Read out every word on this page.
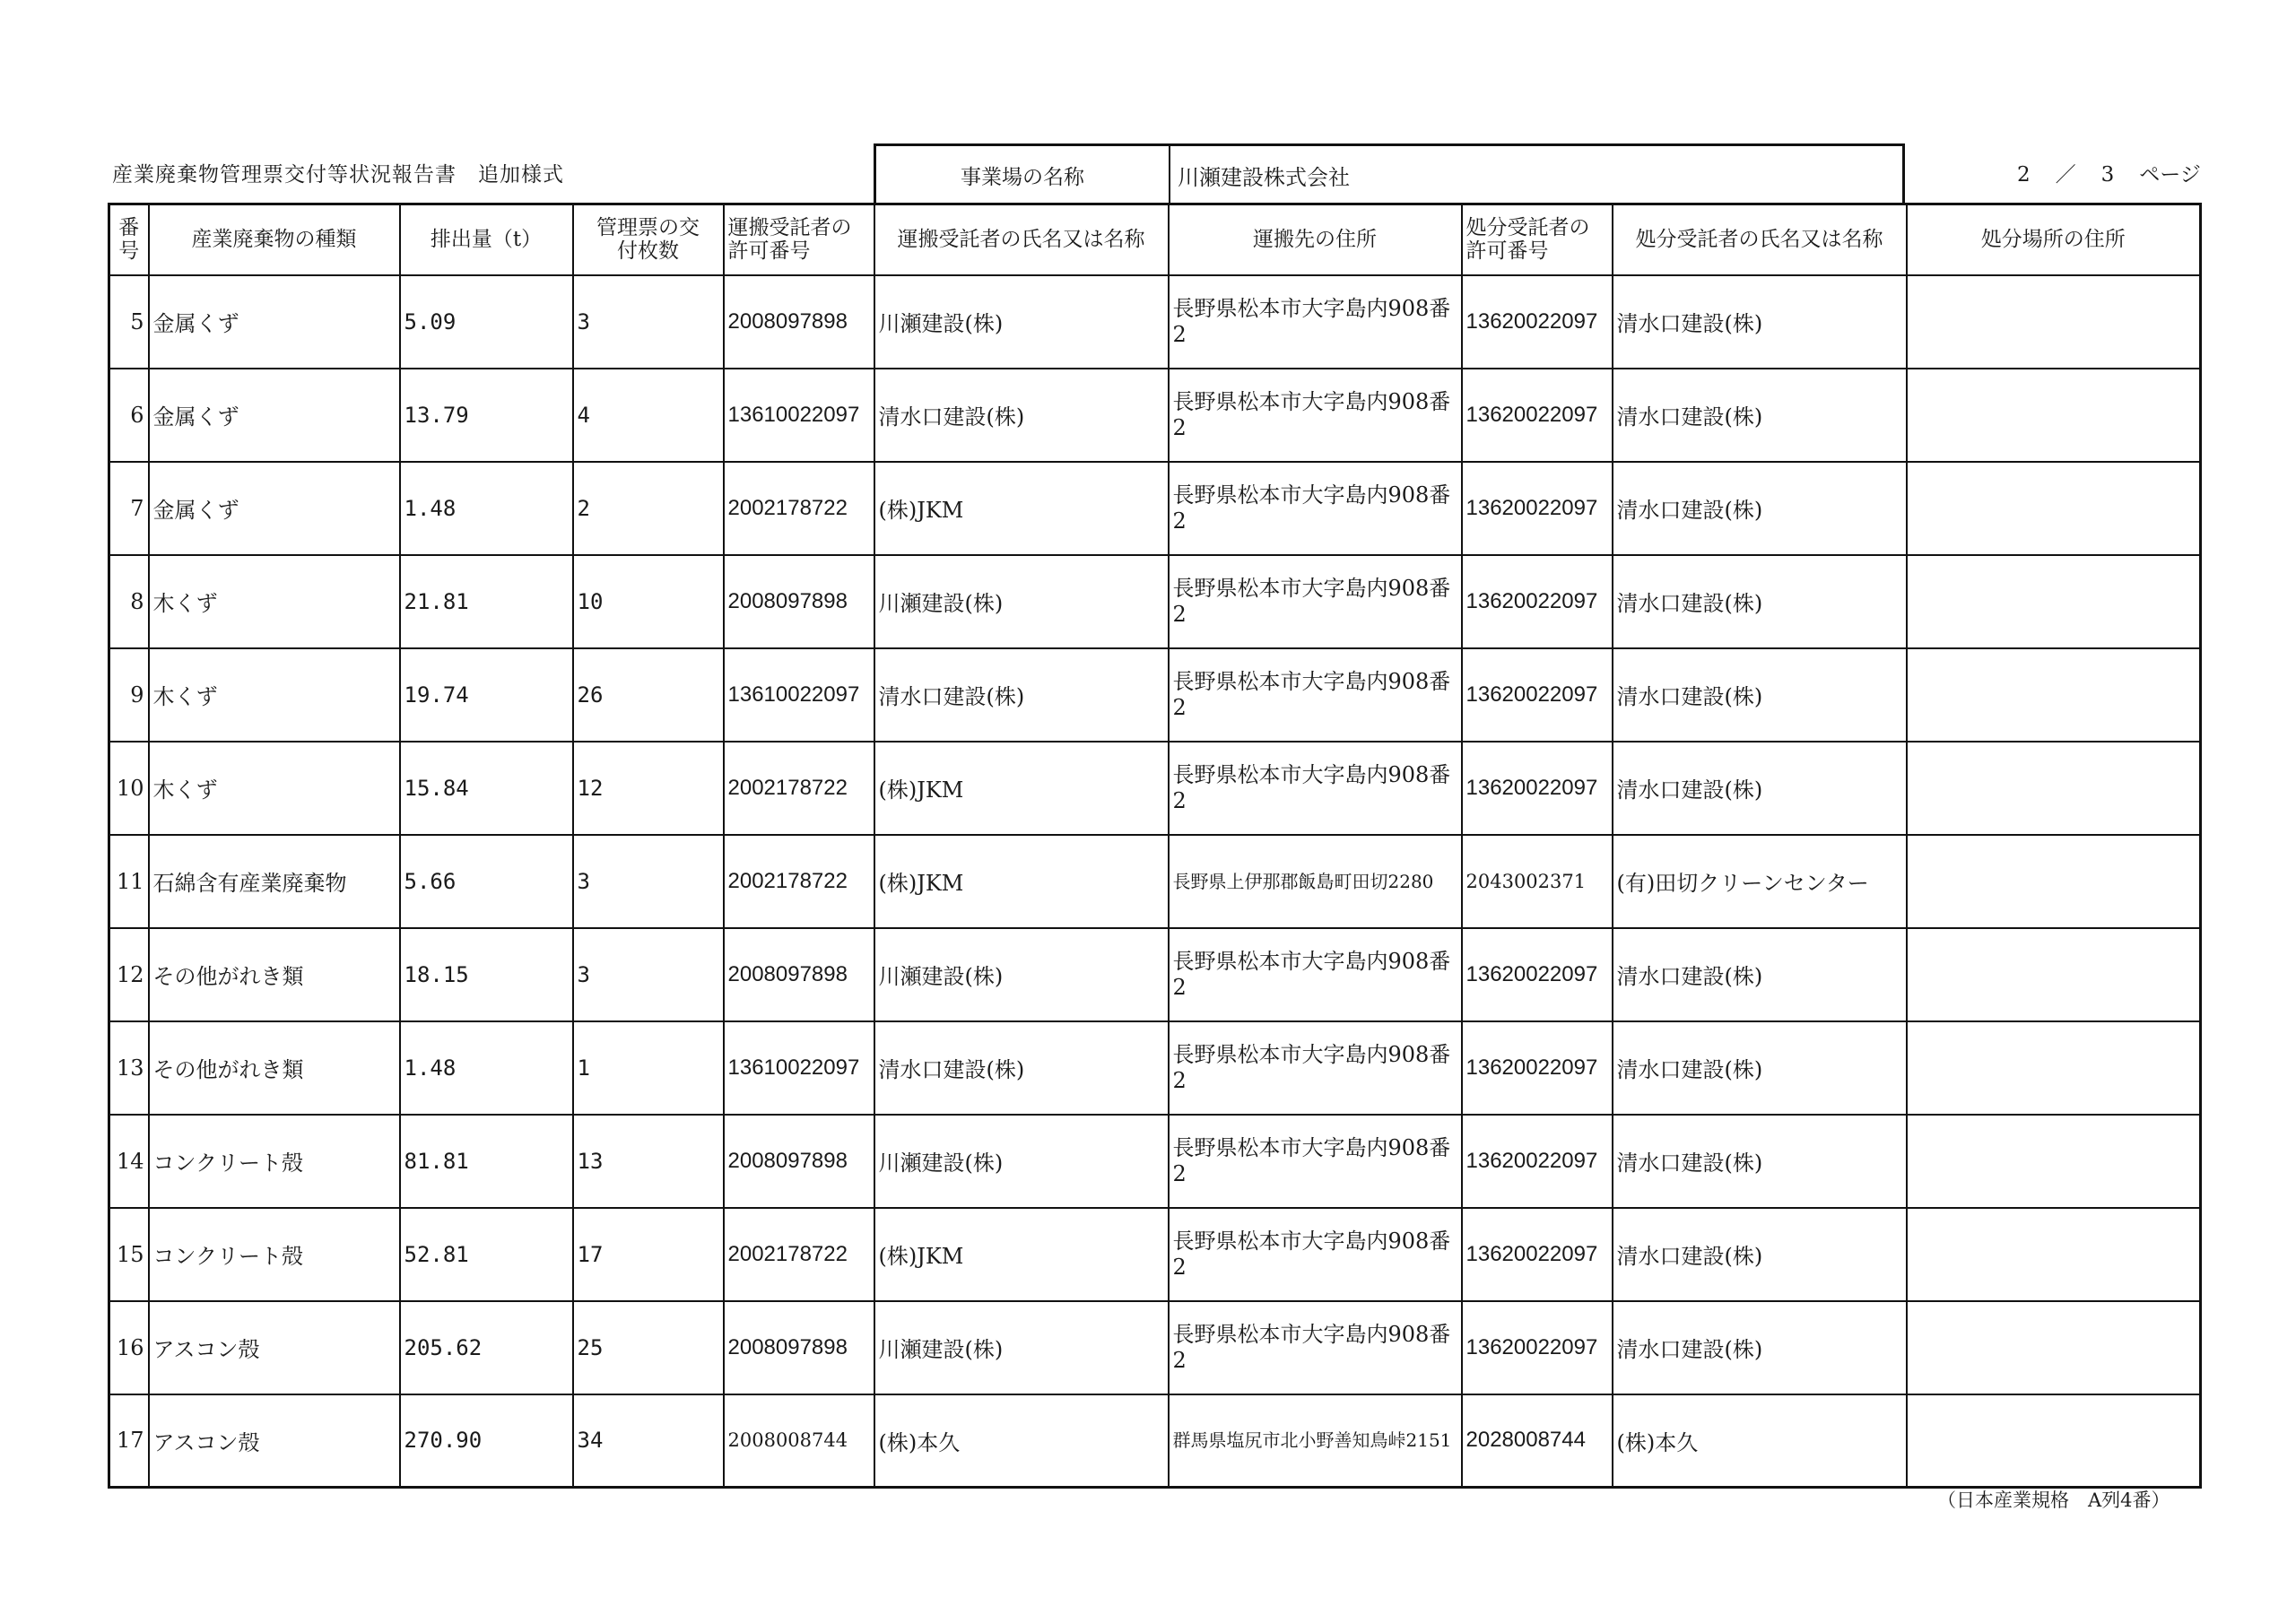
産業廃棄物管理票交付等状況報告書　追加様式	2 ／ 3 ページ
事業場の名称	川瀬建設株式会社
番号	産業廃棄物の種類	排出量（t）	管理票の交付枚数	運搬受託者の許可番号	運搬受託者の氏名又は名称	運搬先の住所	処分受託者の許可番号	処分受託者の氏名又は名称	処分場所の住所
5	金属くず	5.09	3	2008097898	川瀬建設(株)	長野県松本市大字島内908番2	13620022097	清水口建設(株)	
6	金属くず	13.79	4	13610022097	清水口建設(株)	長野県松本市大字島内908番2	13620022097	清水口建設(株)	
7	金属くず	1.48	2	2002178722	(株)JKM	長野県松本市大字島内908番2	13620022097	清水口建設(株)	
8	木くず	21.81	10	2008097898	川瀬建設(株)	長野県松本市大字島内908番2	13620022097	清水口建設(株)	
9	木くず	19.74	26	13610022097	清水口建設(株)	長野県松本市大字島内908番2	13620022097	清水口建設(株)	
10	木くず	15.84	12	2002178722	(株)JKM	長野県松本市大字島内908番2	13620022097	清水口建設(株)	
11	石綿含有産業廃棄物	5.66	3	2002178722	(株)JKM	長野県上伊那郡飯島町田切2280	2043002371	(有)田切クリーンセンター	
12	その他がれき類	18.15	3	2008097898	川瀬建設(株)	長野県松本市大字島内908番2	13620022097	清水口建設(株)	
13	その他がれき類	1.48	1	13610022097	清水口建設(株)	長野県松本市大字島内908番2	13620022097	清水口建設(株)	
14	コンクリート殻	81.81	13	2008097898	川瀬建設(株)	長野県松本市大字島内908番2	13620022097	清水口建設(株)	
15	コンクリート殻	52.81	17	2002178722	(株)JKM	長野県松本市大字島内908番2	13620022097	清水口建設(株)	
16	アスコン殻	205.62	25	2008097898	川瀬建設(株)	長野県松本市大字島内908番2	13620022097	清水口建設(株)	
17	アスコン殻	270.90	34	2008008744	(株)本久	群馬県塩尻市北小野善知鳥峠2151	2028008744	(株)本久	
（日本産業規格　A列4番）
